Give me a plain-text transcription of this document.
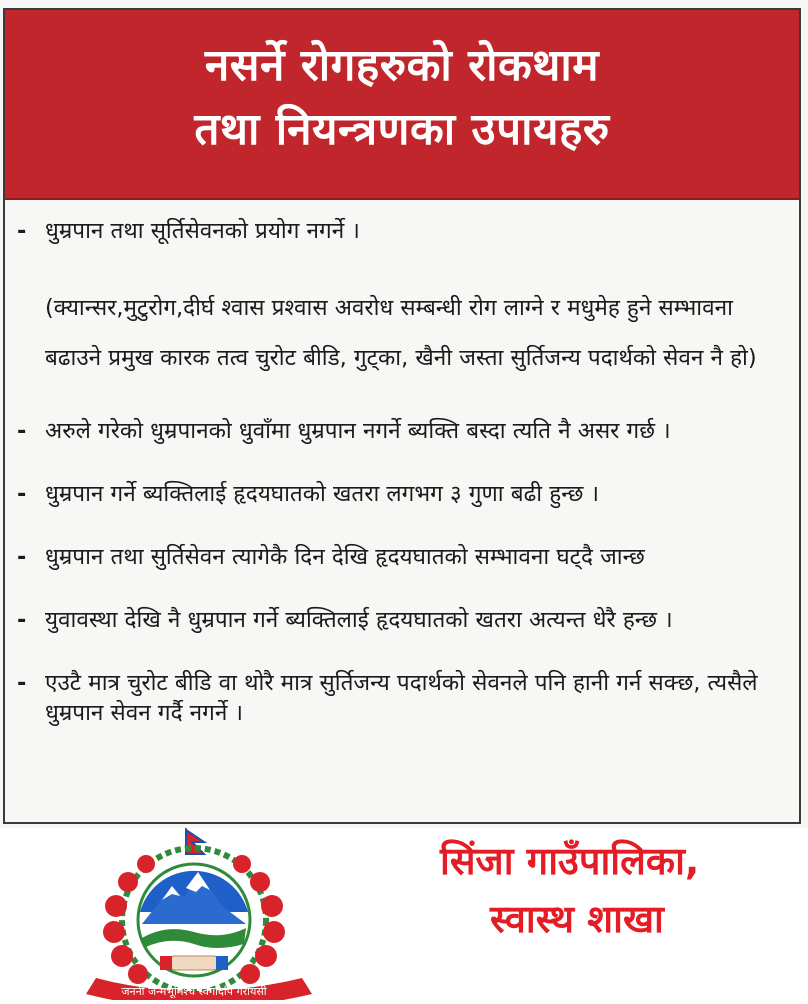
नसर्ने रोगहरुको रोकथाम
तथा नियन्त्रणका उपायहरु
- धुम्रपान तथा सूर्तिसेवनको प्रयोग नगर्ने ।
(क्यान्सर,मुटुरोग,दीर्घ श्वास प्रश्वास अवरोध सम्बन्धी रोग लाग्ने र मधुमेह हुने सम्भावना बढाउने प्रमुख कारक तत्व चुरोट बीडि, गुट्का, खैनी जस्ता सुर्तिजन्य पदार्थको सेवन नै हो)
- अरुले गरेको धुम्रपानको धुवाँमा धुम्रपान नगर्ने ब्यक्ति बस्दा त्यति नै असर गर्छ ।
- धुम्रपान गर्ने ब्यक्तिलाई हृदयघातको खतरा लगभग ३ गुणा बढी हुन्छ ।
- धुम्रपान तथा सुर्तिसेवन त्यागेकै दिन देखि हृदयघातको सम्भावना घट्दै जान्छ
- युवावस्था देखि नै धुम्रपान गर्ने ब्यक्तिलाई हृदयघातको खतरा अत्यन्त धेरै हन्छ ।
- एउटै मात्र चुरोट बीडि वा थोरै मात्र सुर्तिजन्य पदार्थको सेवनले पनि हानी गर्न सक्छ, त्यसैले धुम्रपान सेवन गर्दै नगर्ने ।
जननी जन्मभूमिश्च स्वर्गादपि गरीयसी
सिंजा गाउँपालिका,
स्वास्थ शाखा
